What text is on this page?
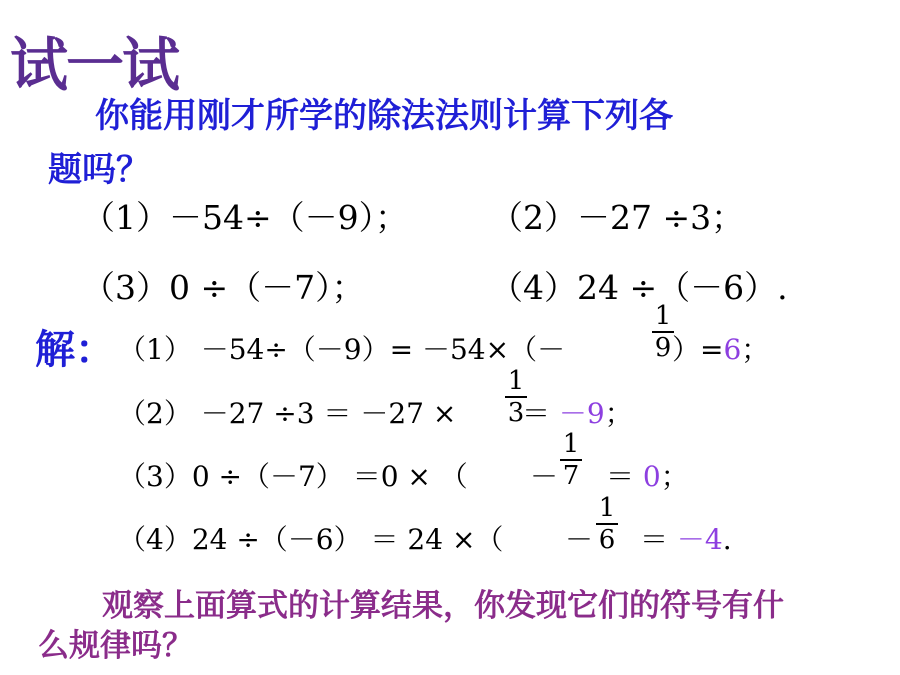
试一试
你能用刚才所学的除法法则计算下列各
题吗？
（1）－54÷（－9）； （2）－27 ÷3；
（3）0 ÷（－7）；	（4）24 ÷（－6）.
解： （1） －54÷（－9）= －54×（－
1
9 ）=6；
（2） －27 ÷3 ＝ －27 ×
1
3
＝ －9；
（3）0 ÷（－7） ＝0 × （ －
1
7 ＝ 0；
（4）24 ÷（－6） ＝ 24 ×（ －
1
6 ＝ －4.
观察上面算式的计算结果，你发现它们的符号有什
么规律吗？
